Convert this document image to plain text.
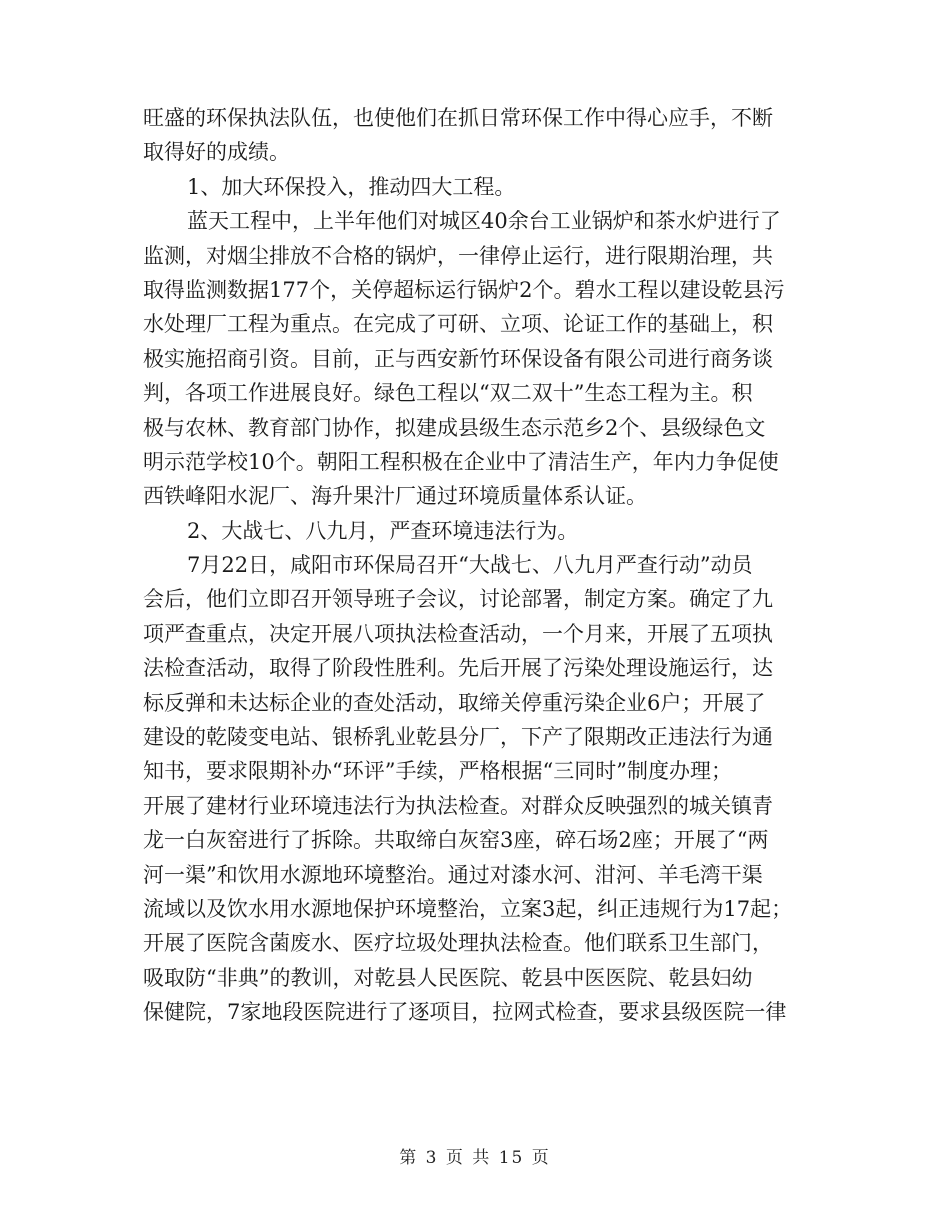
旺盛的环保执法队伍，也使他们在抓日常环保工作中得心应手，不断
取得好的成绩。
1、加大环保投入，推动四大工程。
蓝天工程中，上半年他们对城区40余台工业锅炉和茶水炉进行了
监测，对烟尘排放不合格的锅炉，一律停止运行，进行限期治理，共
取得监测数据177个，关停超标运行锅炉2个。碧水工程以建设乾县污
水处理厂工程为重点。在完成了可研、立项、论证工作的基础上，积
极实施招商引资。目前，正与西安新竹环保设备有限公司进行商务谈
判，各项工作进展良好。绿色工程以“双二双十”生态工程为主。积
极与农林、教育部门协作，拟建成县级生态示范乡2个、县级绿色文
明示范学校10个。朝阳工程积极在企业中了清洁生产，年内力争促使
西铁峰阳水泥厂、海升果汁厂通过环境质量体系认证。
2、大战七、八九月，严查环境违法行为。
7月22日，咸阳市环保局召开“大战七、八九月严查行动”动员
会后，他们立即召开领导班子会议，讨论部署，制定方案。确定了九
项严查重点，决定开展八项执法检查活动，一个月来，开展了五项执
法检查活动，取得了阶段性胜利。先后开展了污染处理设施运行，达
标反弹和未达标企业的查处活动，取缔关停重污染企业6户；开展了
建设的乾陵变电站、银桥乳业乾县分厂，下产了限期改正违法行为通
知书，要求限期补办“环评”手续，严格根据“三同时”制度办理；
开展了建材行业环境违法行为执法检查。对群众反映强烈的城关镇青
龙一白灰窑进行了拆除。共取缔白灰窑3座，碎石场2座；开展了“两
河一渠”和饮用水源地环境整治。通过对漆水河、泔河、羊毛湾干渠
流域以及饮水用水源地保护环境整治，立案3起，纠正违规行为17起；
开展了医院含菌废水、医疗垃圾处理执法检查。他们联系卫生部门，
吸取防“非典”的教训，对乾县人民医院、乾县中医医院、乾县妇幼
保健院，7家地段医院进行了逐项目，拉网式检查，要求县级医院一律
第 3 页 共 15 页
